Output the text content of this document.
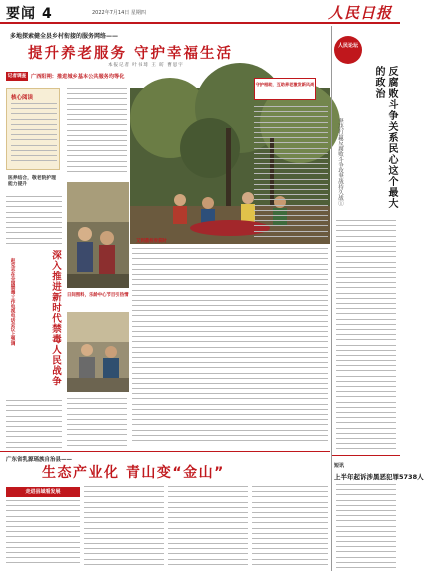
要闻 4	2022年7月14日 星期四	人民日报
多地探索健全县乡村衔接的服务网络——
提升养老服务 守护幸福生活
本报记者 叶书琦 王 昉 曹思宇
记者调查 广西阳朔：推进城乡基本公共服务均等化
核心阅读
医养结合，敬老院护理能力提升
日间照料，乐龄中心节目引热情
又到荔枝收获时
守护相助，互助养老激发新风尚
深入推进新时代禁毒人民战争
赵克志在全国禁毒工作电视电话会议上强调
广东省乳源瑶族自治县——
生态产业化 青山变“金山”
走进县域看发展
人民论坛
反腐败斗争关系民心这个最大的政治
坚决打赢反腐败斗争攻坚战持久战①
短讯
上半年起诉涉黑恶犯罪5738人
